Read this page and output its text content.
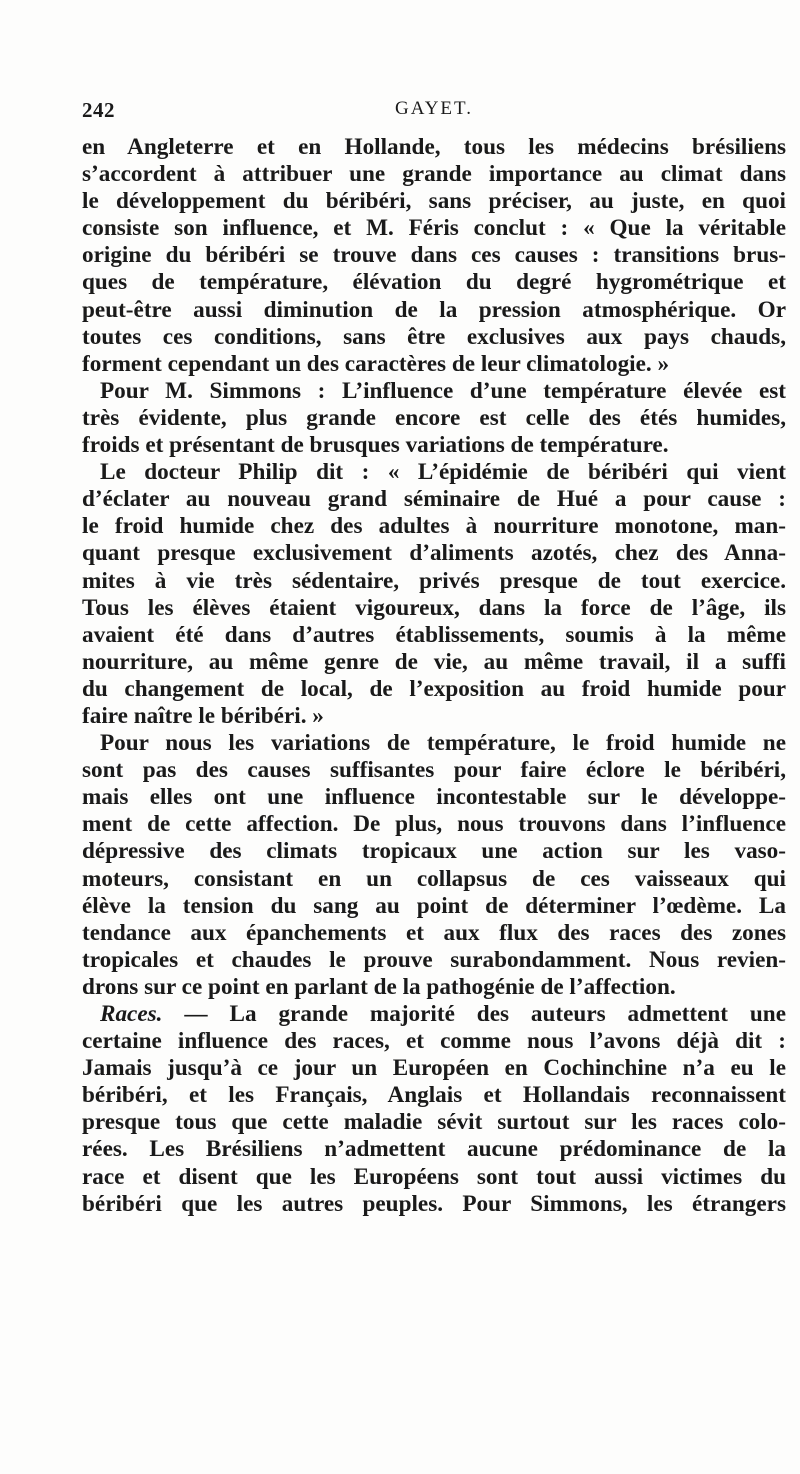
242	GAYET.
en Angleterre et en Hollande, tous les médecins brésiliens
s’accordent à attribuer une grande importance au climat dans
le développement du béribéri, sans préciser, au juste, en quoi
consiste son influence, et M. Féris conclut : « Que la véritable
origine du béribéri se trouve dans ces causes : transitions brus-
ques de température, élévation du degré hygrométrique et
peut-être aussi diminution de la pression atmosphérique. Or
toutes ces conditions, sans être exclusives aux pays chauds,
forment cependant un des caractères de leur climatologie. »
Pour M. Simmons : L’influence d’une température élevée est
très évidente, plus grande encore est celle des étés humides,
froids et présentant de brusques variations de température.
Le docteur Philip dit : « L’épidémie de béribéri qui vient
d’éclater au nouveau grand séminaire de Hué a pour cause :
le froid humide chez des adultes à nourriture monotone, man-
quant presque exclusivement d’aliments azotés, chez des Anna-
mites à vie très sédentaire, privés presque de tout exercice.
Tous les élèves étaient vigoureux, dans la force de l’âge, ils
avaient été dans d’autres établissements, soumis à la même
nourriture, au même genre de vie, au même travail, il a suffi
du changement de local, de l’exposition au froid humide pour
faire naître le béribéri. »
Pour nous les variations de température, le froid humide ne
sont pas des causes suffisantes pour faire éclore le béribéri,
mais elles ont une influence incontestable sur le développe-
ment de cette affection. De plus, nous trouvons dans l’influence
dépressive des climats tropicaux une action sur les vaso-
moteurs, consistant en un collapsus de ces vaisseaux qui
élève la tension du sang au point de déterminer l’œdème. La
tendance aux épanchements et aux flux des races des zones
tropicales et chaudes le prouve surabondamment. Nous revien-
drons sur ce point en parlant de la pathogénie de l’affection.
Races. — La grande majorité des auteurs admettent une
certaine influence des races, et comme nous l’avons déjà dit :
Jamais jusqu’à ce jour un Européen en Cochinchine n’a eu le
béribéri, et les Français, Anglais et Hollandais reconnaissent
presque tous que cette maladie sévit surtout sur les races colo-
rées. Les Brésiliens n’admettent aucune prédominance de la
race et disent que les Européens sont tout aussi victimes du
béribéri que les autres peuples. Pour Simmons, les étrangers
